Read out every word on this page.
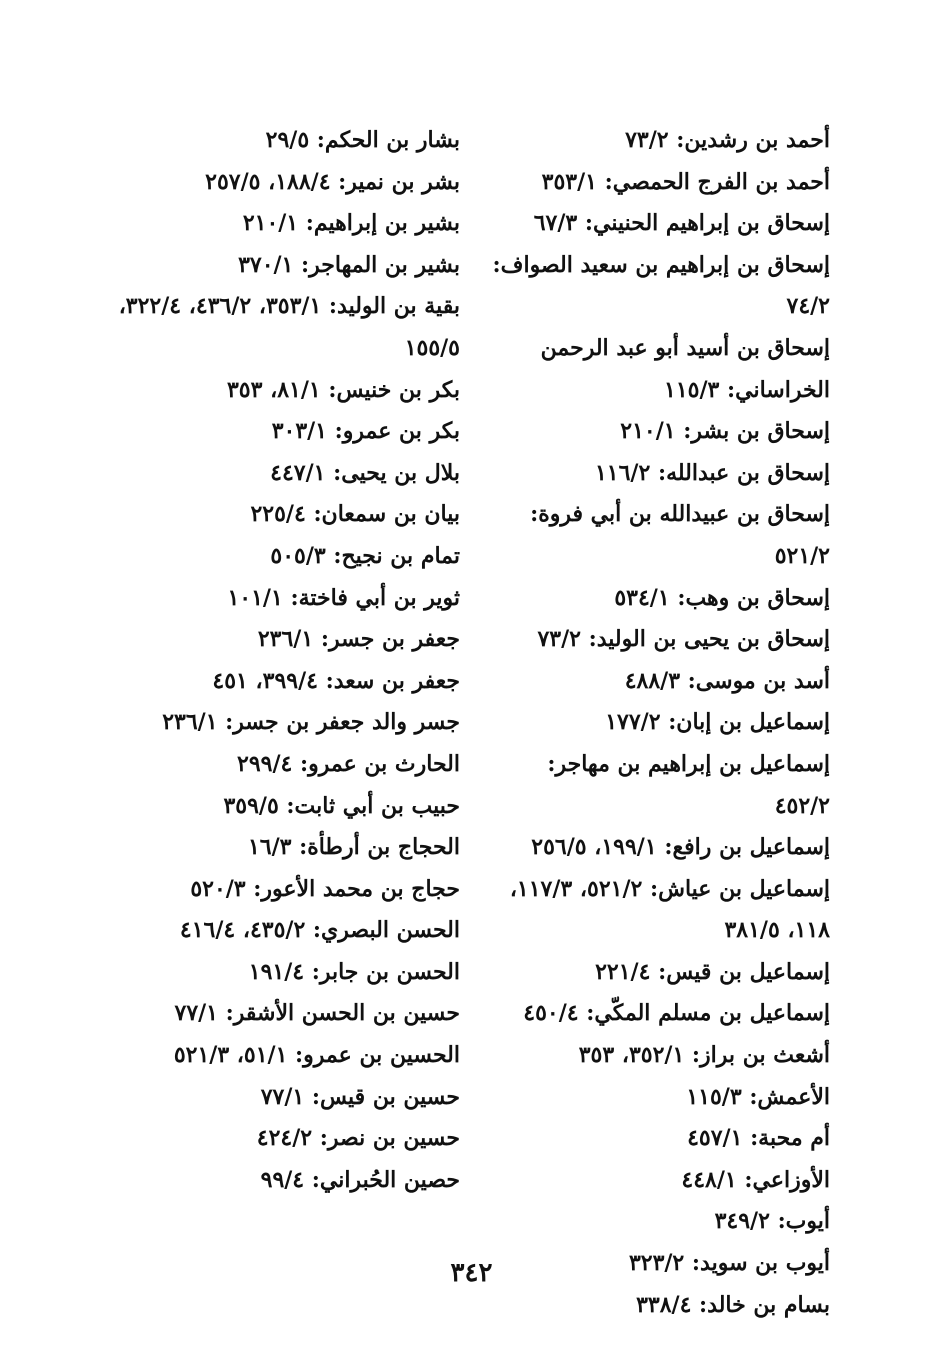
أحمد بن رشدين: ٧٣/٢
أحمد بن الفرج الحمصي: ٣٥٣/١
إسحاق بن إبراهيم الحنيني: ٦٧/٣
إسحاق بن إبراهيم بن سعيد الصواف: ٧٤/٢
إسحاق بن أسيد أبو عبد الرحمن الخراساني: ١١٥/٣
إسحاق بن بشر: ٢١٠/١
إسحاق بن عبدالله: ١١٦/٢
إسحاق بن عبيدالله بن أبي فروة: ٥٢١/٢
إسحاق بن وهب: ٥٣٤/١
إسحاق بن يحيى بن الوليد: ٧٣/٢
أسد بن موسى: ٤٨٨/٣
إسماعيل بن إبان: ١٧٧/٢
إسماعيل بن إبراهيم بن مهاجر: ٤٥٢/٢
إسماعيل بن رافع: ١٩٩/١، ٢٥٦/٥
إسماعيل بن عياش: ٥٢١/٢، ١١٧/٣، ١١٨، ٣٨١/٥
إسماعيل بن قيس: ٢٢١/٤
إسماعيل بن مسلم المكّي: ٤٥٠/٤
أشعث بن براز: ٣٥٢/١، ٣٥٣
الأعمش: ١١٥/٣
أم محبة: ٤٥٧/١
الأوزاعي: ٤٤٨/١
أيوب: ٣٤٩/٢
أيوب بن سويد: ٣٢٣/٢
بسام بن خالد: ٣٣٨/٤
بشار بن الحكم: ٢٩/٥
بشر بن نمير: ١٨٨/٤، ٢٥٧/٥
بشير بن إبراهيم: ٢١٠/١
بشير بن المهاجر: ٣٧٠/١
بقية بن الوليد: ٣٥٣/١، ٤٣٦/٢، ٣٢٢/٤، ١٥٥/٥
بكر بن خنيس: ٨١/١، ٣٥٣
بكر بن عمرو: ٣٠٣/١
بلال بن يحيى: ٤٤٧/١
بيان بن سمعان: ٢٢٥/٤
تمام بن نجيح: ٥٠٥/٣
ثوير بن أبي فاختة: ١٠١/١
جعفر بن جسر: ٢٣٦/١
جعفر بن سعد: ٣٩٩/٤، ٤٥١
جسر والد جعفر بن جسر: ٢٣٦/١
الحارث بن عمرو: ٢٩٩/٤
حبيب بن أبي ثابت: ٣٥٩/٥
الحجاج بن أرطأة: ١٦/٣
حجاج بن محمد الأعور: ٥٢٠/٣
الحسن البصري: ٤٣٥/٢، ٤١٦/٤
الحسن بن جابر: ١٩١/٤
حسين بن الحسن الأشقر: ٧٧/١
الحسين بن عمرو: ٥١/١، ٥٢١/٣
حسين بن قيس: ٧٧/١
حسين بن نصر: ٤٢٤/٢
حصين الحُبراني: ٩٩/٤
٣٤٢
